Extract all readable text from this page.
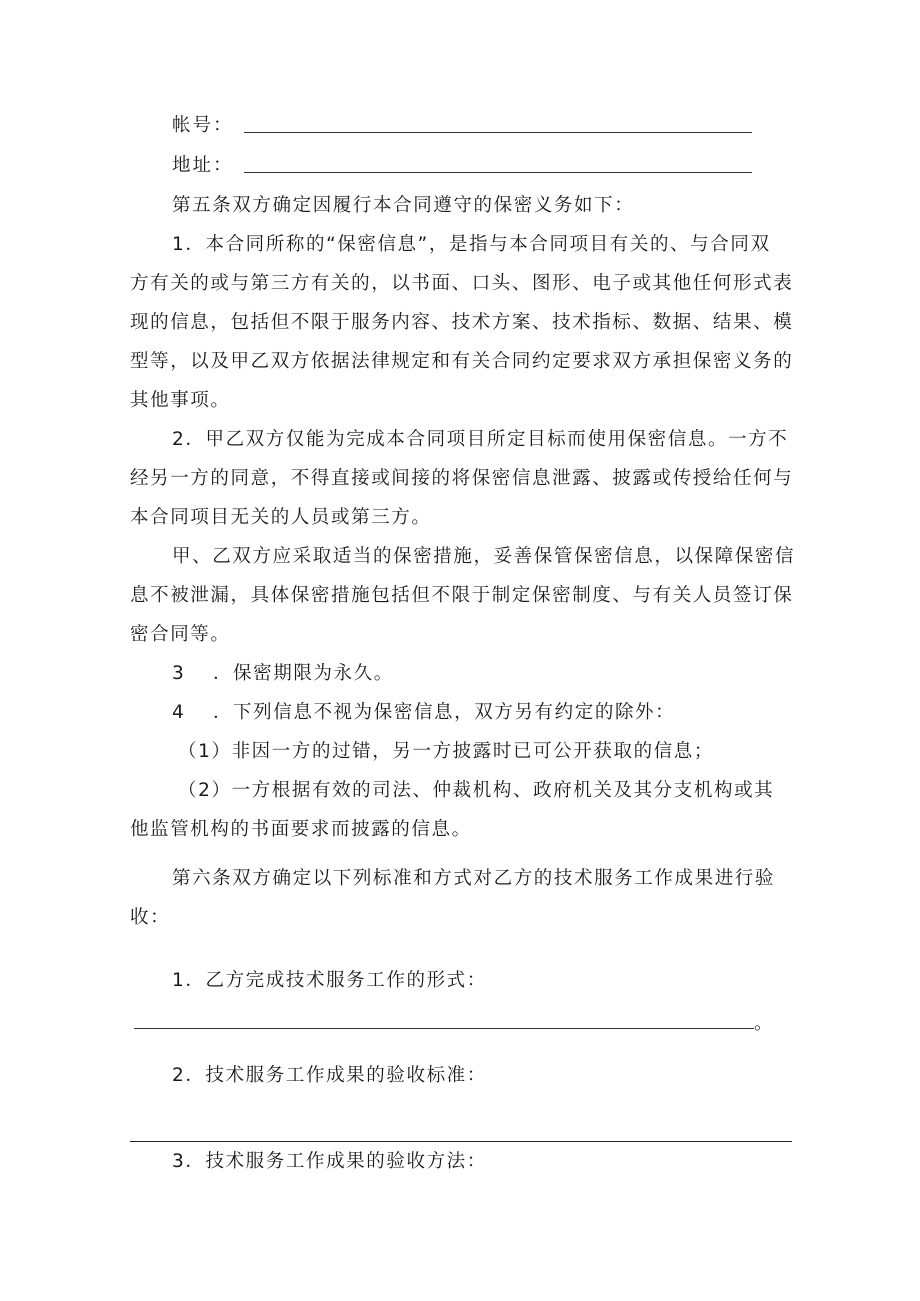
帐号：
地址：
第五条双方确定因履行本合同遵守的保密义务如下：
1．本合同所称的“保密信息”，是指与本合同项目有关的、与合同双
方有关的或与第三方有关的，以书面、口头、图形、电子或其他任何形式表
现的信息，包括但不限于服务内容、技术方案、技术指标、数据、结果、模
型等，以及甲乙双方依据法律规定和有关合同约定要求双方承担保密义务的
其他事项。
2．甲乙双方仅能为完成本合同项目所定目标而使用保密信息。一方不
经另一方的同意，不得直接或间接的将保密信息泄露、披露或传授给任何与
本合同项目无关的人员或第三方。
甲、乙双方应采取适当的保密措施，妥善保管保密信息，以保障保密信
息不被泄漏，具体保密措施包括但不限于制定保密制度、与有关人员签订保
密合同等。
3　 ．保密期限为永久。
4　 ．下列信息不视为保密信息，双方另有约定的除外：
（1）非因一方的过错，另一方披露时已可公开获取的信息；
（2）一方根据有效的司法、仲裁机构、政府机关及其分支机构或其
他监管机构的书面要求而披露的信息。
第六条双方确定以下列标准和方式对乙方的技术服务工作成果进行验
收：
1．乙方完成技术服务工作的形式：
。
2．技术服务工作成果的验收标准：
3．技术服务工作成果的验收方法：
